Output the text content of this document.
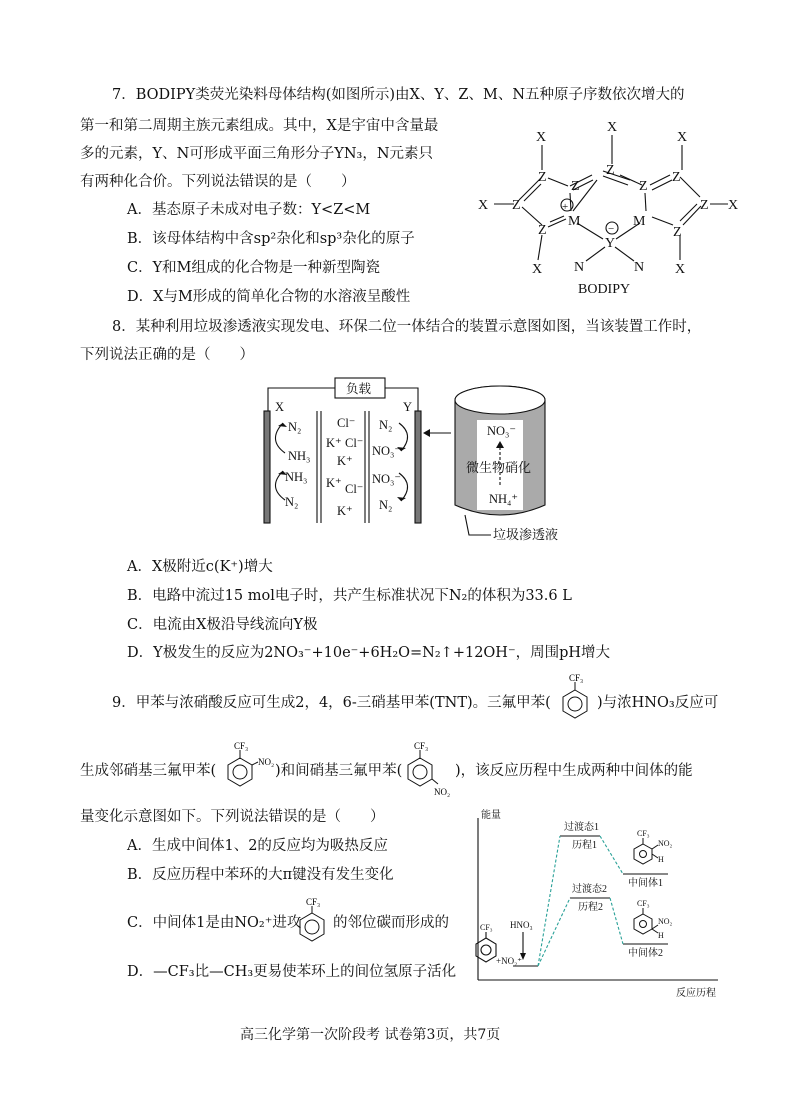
7．BODIPY类荧光染料母体结构(如图所示)由X、Y、Z、M、N五种原子序数依次增大的
第一和第二周期主族元素组成。其中，X是宇宙中含量最
多的元素，Y、N可形成平面三角形分子YN₃，N元素只
有两种化合价。下列说法错误的是（　　）
A．基态原子未成对电子数：Y<Z<M
B．该母体结构中含sp²杂化和sp³杂化的原子
C．Y和M组成的化合物是一种新型陶瓷
D．X与M形成的简单化合物的水溶液呈酸性
X
X
X
X	X
X	X
Z
Z
Z
Z
Z
Z
Z
Z
Z
M	M
Y
N	N
+
−
BODIPY
8．某种利用垃圾渗透液实现发电、环保二位一体结合的装置示意图如图，当该装置工作时，
下列说法正确的是（　　）
负载
X	Y
N₂
NH₃
NH₃
N₂
Cl⁻
K⁺ Cl⁻
K⁺
K⁺ Cl⁻
K⁺
N₂
NO₃⁻
NO₃⁻
N₂
NO₃⁻
微生物硝化
NH₄⁺
垃圾渗透液
A．X极附近c(K⁺)增大
B．电路中流过15 mol电子时，共产生标准状况下N₂的体积为33.6 L
C．电流由X极沿导线流向Y极
D．Y极发生的反应为2NO₃⁻+10e⁻+6H₂O=N₂↑+12OH⁻，周围pH增大
9．甲苯与浓硝酸反应可生成2，4，6-三硝基甲苯(TNT)。三氟甲苯(
CF₃
)与浓HNO₃反应可
生成邻硝基三氟甲苯(
CF₃
NO₂
)和间硝基三氟甲苯(
CF₃
NO₂
)，该反应历程中生成两种中间体的能
量变化示意图如下。下列说法错误的是（　　）
A．生成中间体1、2的反应均为吸热反应
B．反应历程中苯环的大π键没有发生变化
C．中间体1是由NO₂⁺进攻
CF₃
的邻位碳而形成的
D．—CF₃比—CH₃更易使苯环上的间位氢原子活化
能量
反应历程
过渡态1
历程1
过渡态2
历程2
中间体1
中间体2
HNO₃
+NO₂⁺
CF₃
CF₃
NO₂
H
CF₃
NO₂
H
高三化学第一次阶段考 试卷第3页，共7页
